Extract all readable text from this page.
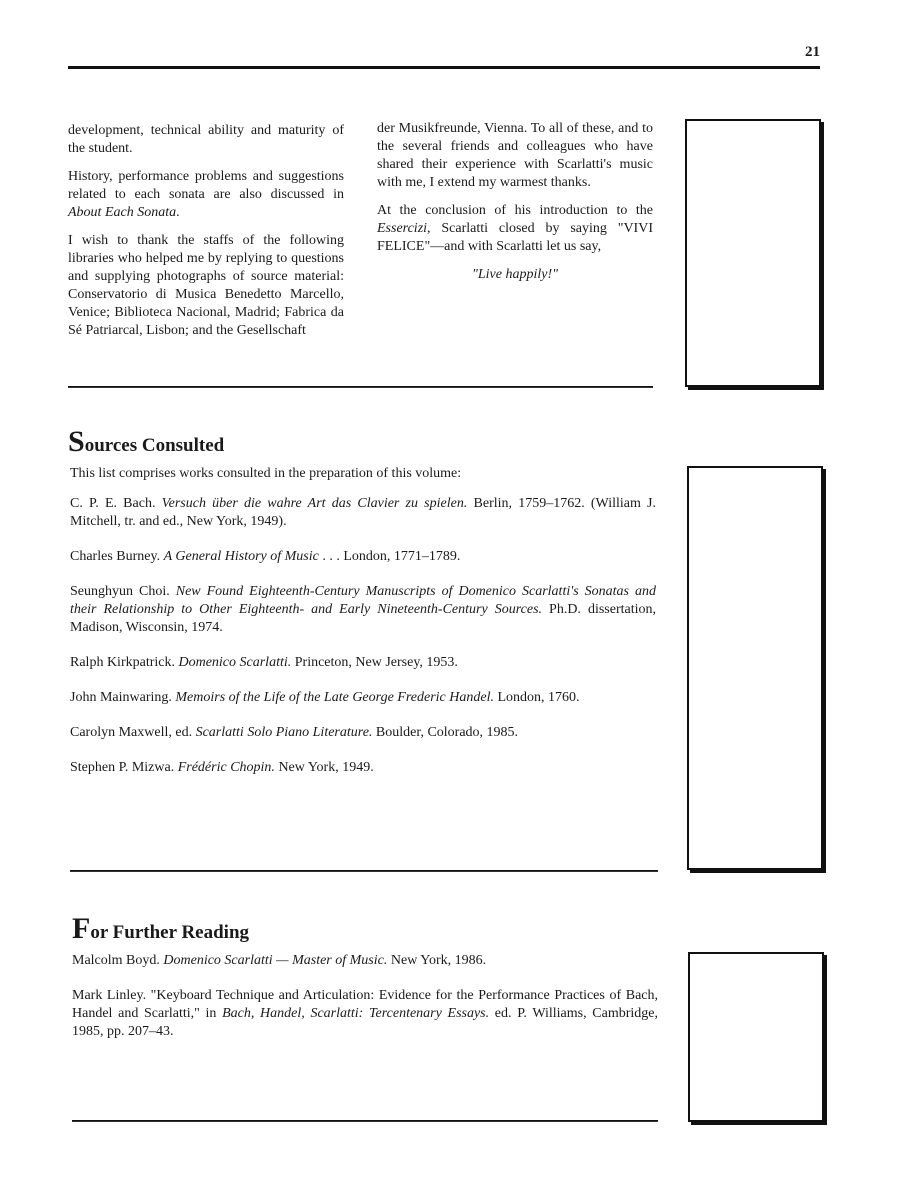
21

development, technical ability and maturity of the student.

History, performance problems and suggestions related to each sonata are also discussed in About Each Sonata.

I wish to thank the staffs of the following libraries who helped me by replying to questions and supplying photographs of source material: Conservatorio di Musica Benedetto Marcello, Venice; Biblioteca Nacional, Madrid; Fabrica da Sé Patriarcal, Lisbon; and the Gesellschaft

der Musikfreunde, Vienna. To all of these, and to the several friends and colleagues who have shared their experience with Scarlatti's music with me, I extend my warmest thanks.

At the conclusion of his introduction to the Essercizi, Scarlatti closed by saying "VIVI FELICE"—and with Scarlatti let us say,

"Live happily!"

Sources Consulted

This list comprises works consulted in the preparation of this volume:

C. P. E. Bach. Versuch über die wahre Art das Clavier zu spielen. Berlin, 1759–1762. (William J. Mitchell, tr. and ed., New York, 1949).

Charles Burney. A General History of Music . . . London, 1771–1789.

Seunghyun Choi. New Found Eighteenth-Century Manuscripts of Domenico Scarlatti's Sonatas and their Relationship to Other Eighteenth- and Early Nineteenth-Century Sources. Ph.D. dissertation, Madison, Wisconsin, 1974.

Ralph Kirkpatrick. Domenico Scarlatti. Princeton, New Jersey, 1953.

John Mainwaring. Memoirs of the Life of the Late George Frederic Handel. London, 1760.

Carolyn Maxwell, ed. Scarlatti Solo Piano Literature. Boulder, Colorado, 1985.

Stephen P. Mizwa. Frédéric Chopin. New York, 1949.

For Further Reading

Malcolm Boyd. Domenico Scarlatti — Master of Music. New York, 1986.

Mark Linley. "Keyboard Technique and Articulation: Evidence for the Performance Practices of Bach, Handel and Scarlatti," in Bach, Handel, Scarlatti: Tercentenary Essays. ed. P. Williams, Cambridge, 1985, pp. 207–43.
